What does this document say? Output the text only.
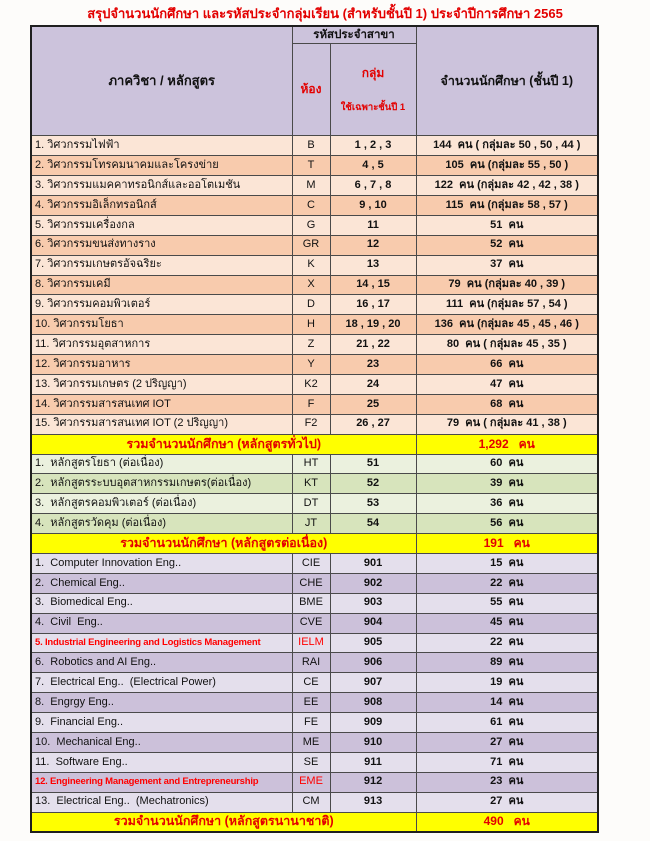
สรุปจำนวนนักศึกษา และรหัสประจำกลุ่มเรียน (สำหรับชั้นปี 1) ประจำปีการศึกษา 2565
ภาควิชา / หลักสูตร	รหัสประจำสาขา		จำนวนนักศึกษา (ชั้นปี 1)
	ห้อง	กลุ่ม

ใช้เฉพาะชั้นปี 1	

1. วิศวกรรมไฟฟ้า	B	1 , 2 , 3	144  คน ( กลุ่มละ 50 , 50 , 44 )
2. วิศวกรรมโทรคมนาคมและโครงข่าย	T	4 , 5	105  คน (กลุ่มละ 55 , 50 )
3. วิศวกรรมแมคคาทรอนิกส์และออโตเมชัน	M	6 , 7 , 8	122  คน (กลุ่มละ 42 , 42 , 38 )
4. วิศวกรรมอิเล็กทรอนิกส์	C	9 , 10	115  คน (กลุ่มละ 58 , 57 )
5. วิศวกรรมเครื่องกล	G	11	51  คน
6. วิศวกรรมขนส่งทางราง	GR	12	52  คน
7. วิศวกรรมเกษตรอัจฉริยะ	K	13	37  คน
8. วิศวกรรมเคมี	X	14 , 15	79  คน (กลุ่มละ 40 , 39 )
9. วิศวกรรมคอมพิวเตอร์	D	16 , 17	111  คน (กลุ่มละ 57 , 54 )
10. วิศวกรรมโยธา	H	18 , 19 , 20	136  คน (กลุ่มละ 45 , 45 , 46 )
11. วิศวกรรมอุตสาหการ	Z	21 , 22	80  คน ( กลุ่มละ 45 , 35 )
12. วิศวกรรมอาหาร	Y	23	66  คน
13. วิศวกรรมเกษตร (2 ปริญญา)	K2	24	47  คน
14. วิศวกรรมสารสนเทศ IOT	F	25	68  คน
15. วิศวกรรมสารสนเทศ IOT (2 ปริญญา)	F2	26 , 27	79  คน ( กลุ่มละ 41 , 38 )
รวมจำนวนนักศึกษา (หลักสูตรทั่วไป)			1,292   คน
1.  หลักสูตรโยธา (ต่อเนื่อง)	HT	51	60  คน
2.  หลักสูตรระบบอุตสาหกรรมเกษตร(ต่อเนื่อง)	KT	52	39  คน
3.  หลักสูตรคอมพิวเตอร์ (ต่อเนื่อง)	DT	53	36  คน
4.  หลักสูตรวัดคุม (ต่อเนื่อง)	JT	54	56  คน
รวมจำนวนนักศึกษา (หลักสูตรต่อเนื่อง)			191   คน
1.  Computer Innovation Eng..	CIE	901	15  คน
2.  Chemical Eng..	CHE	902	22  คน
3.  Biomedical Eng..	BME	903	55  คน
4.  Civil  Eng..	CVE	904	45  คน
5. Industrial Engineering and Logistics Management	IELM	905	22  คน
6.  Robotics and AI Eng..	RAI	906	89  คน
7.  Electrical Eng..  (Electrical Power)	CE	907	19  คน
8.  Engrgy Eng..	EE	908	14  คน
9.  Financial Eng..	FE	909	61  คน
10.  Mechanical Eng..	ME	910	27  คน
11.  Software Eng..	SE	911	71  คน
12. Engineering Management and Entrepreneurship	EME	912	23  คน
13.  Electrical Eng..  (Mechatronics)	CM	913	27  คน
รวมจำนวนนักศึกษา (หลักสูตรนานาชาติ)			490   คน
